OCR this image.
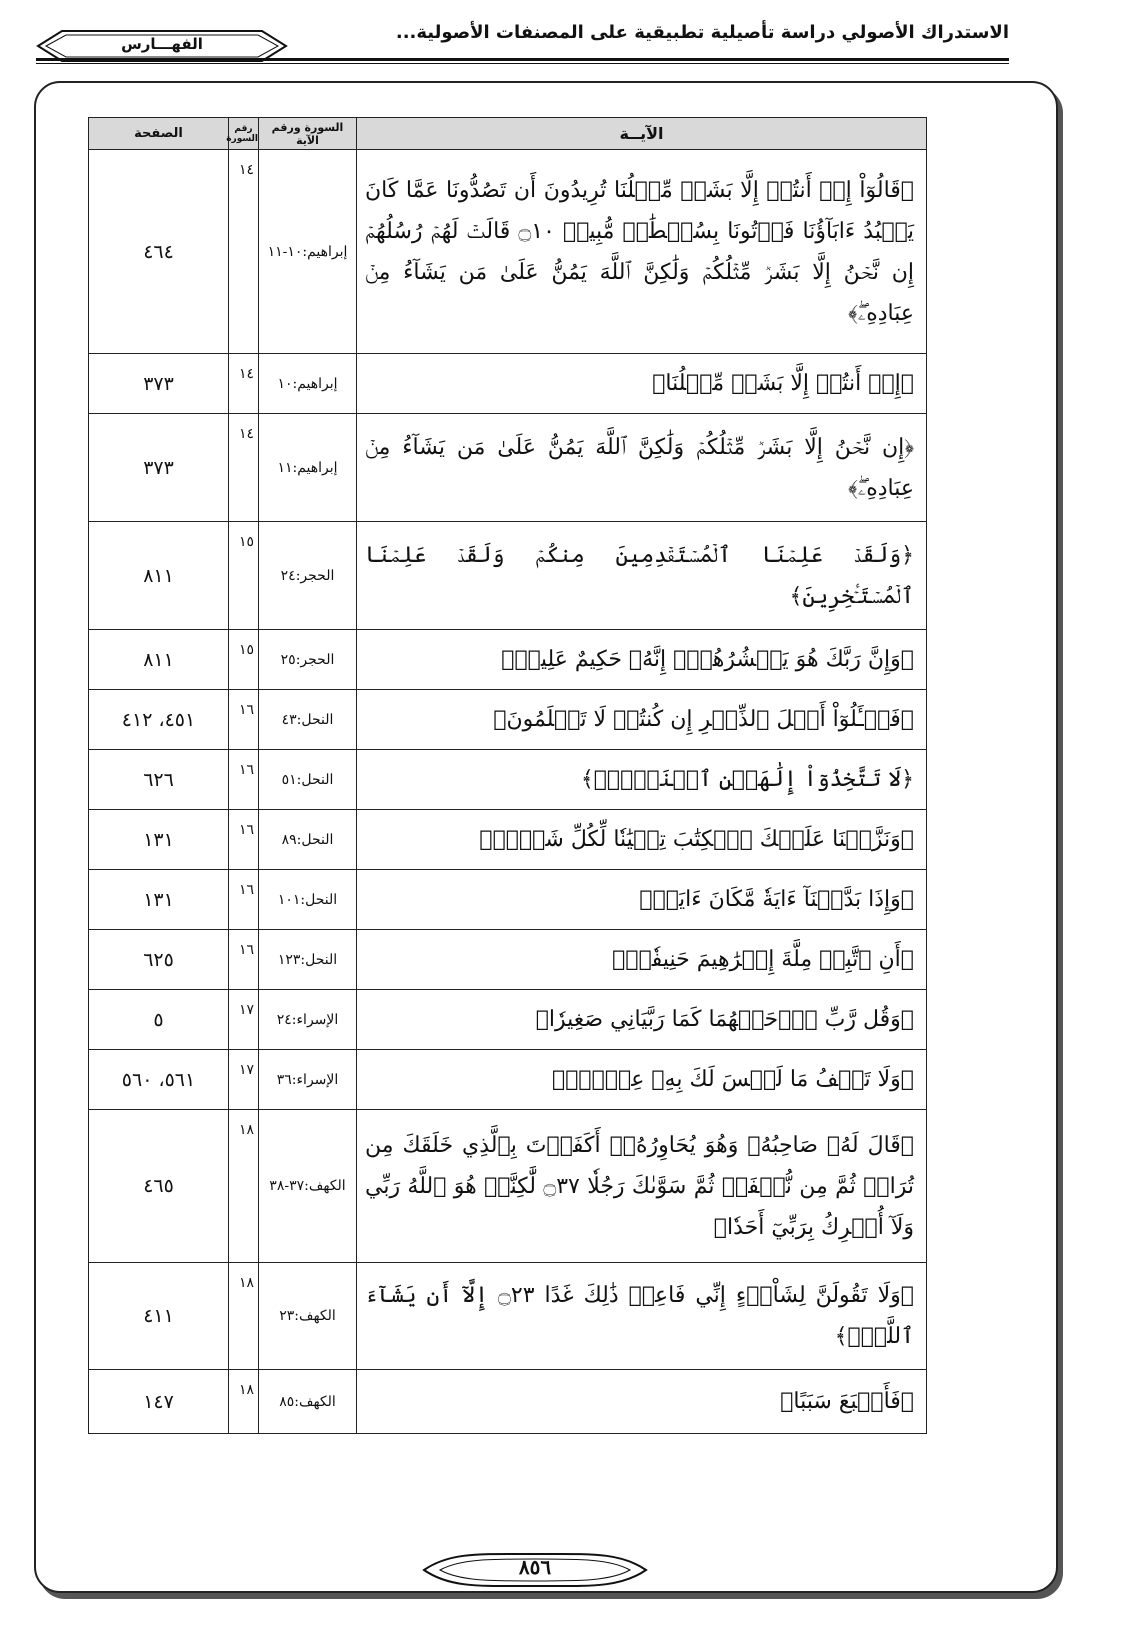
الاستدراك الأصولي دراسة تأصيلية تطبيقية على المصنفات الأصولية...
الفهـــارس
الآيــة	السورة ورقم الآية	رقم السورة	الصفحة
﴿قَالُوٓاْ إِنۡ أَنتُمۡ إِلَّا بَشَرٞ مِّثۡلُنَا تُرِيدُونَ أَن تَصُدُّونَا عَمَّا كَانَ يَعۡبُدُ ءَابَآؤُنَا فَأۡتُونَا بِسُلۡطَٰنٖ مُّبِينٖ ۝١٠ قَالَتۡ لَهُمۡ رُسُلُهُمۡ إِن نَّحۡنُ إِلَّا بَشَرٞ مِّثۡلُكُمۡ وَلَٰكِنَّ ٱللَّهَ يَمُنُّ عَلَىٰ مَن يَشَآءُ مِنۡ عِبَادِهِۦۖ﴾	إبراهيم:١٠-١١	١٤	٤٦٤
﴿إِنۡ أَنتُمۡ إِلَّا بَشَرٞ مِّثۡلُنَا﴾	إبراهيم:١٠	١٤	٣٧٣
﴿إِن نَّحۡنُ إِلَّا بَشَرٞ مِّثۡلُكُمۡ وَلَٰكِنَّ ٱللَّهَ يَمُنُّ عَلَىٰ مَن يَشَآءُ مِنۡ عِبَادِهِۦۖ﴾	إبراهيم:١١	١٤	٣٧٣
﴿وَلَقَدۡ عَلِمۡنَا ٱلۡمُسۡتَقۡدِمِينَ مِنكُمۡ وَلَقَدۡ عَلِمۡنَا ٱلۡمُسۡتَـٔۡخِرِينَ﴾	الحجر:٢٤	١٥	٨١١
﴿وَإِنَّ رَبَّكَ هُوَ يَحۡشُرُهُمۡۚ إِنَّهُۥ حَكِيمٌ عَلِيمٞ﴾	الحجر:٢٥	١٥	٨١١
﴿فَسۡـَٔلُوٓاْ أَهۡلَ ٱلذِّكۡرِ إِن كُنتُمۡ لَا تَعۡلَمُونَ﴾	النحل:٤٣	١٦	٤٥١، ٤١٢
﴿لَا تَتَّخِذُوٓاْ إِلَٰهَيۡنِ ٱثۡنَيۡنِۖ﴾	النحل:٥١	١٦	٦٢٦
﴿وَنَزَّلۡنَا عَلَيۡكَ ٱلۡكِتَٰبَ تِبۡيَٰنٗا لِّكُلِّ شَيۡءٖ﴾	النحل:٨٩	١٦	١٣١
﴿وَإِذَا بَدَّلۡنَآ ءَايَةٗ مَّكَانَ ءَايَةٖ﴾	النحل:١٠١	١٦	١٣١
﴿أَنِ ٱتَّبِعۡ مِلَّةَ إِبۡرَٰهِيمَ حَنِيفٗاۖ﴾	النحل:١٢٣	١٦	٦٢٥
﴿وَقُل رَّبِّ ٱرۡحَمۡهُمَا كَمَا رَبَّيَانِي صَغِيرٗا﴾	الإسراء:٢٤	١٧	٥
﴿وَلَا تَقۡفُ مَا لَيۡسَ لَكَ بِهِۦ عِلۡمٌۚ﴾	الإسراء:٣٦	١٧	٥٦١، ٥٦٠
﴿قَالَ لَهُۥ صَاحِبُهُۥ وَهُوَ يُحَاوِرُهُۥٓ أَكَفَرۡتَ بِٱلَّذِي خَلَقَكَ مِن تُرَابٖ ثُمَّ مِن نُّطۡفَةٖ ثُمَّ سَوَّىٰكَ رَجُلٗا ۝٣٧ لَّٰكِنَّا۠ هُوَ ٱللَّهُ رَبِّي وَلَآ أُشۡرِكُ بِرَبِّيٓ أَحَدٗا﴾	الكهف:٣٧-٣٨	١٨	٤٦٥
﴿وَلَا تَقُولَنَّ لِشَاْيۡءٍ إِنِّي فَاعِلٞ ذَٰلِكَ غَدًا ۝٢٣ إِلَّآ أَن يَشَآءَ ٱللَّهُۚ﴾	الكهف:٢٣	١٨	٤١١
﴿فَأَتۡبَعَ سَبَبًا﴾	الكهف:٨٥	١٨	١٤٧
٨٥٦
